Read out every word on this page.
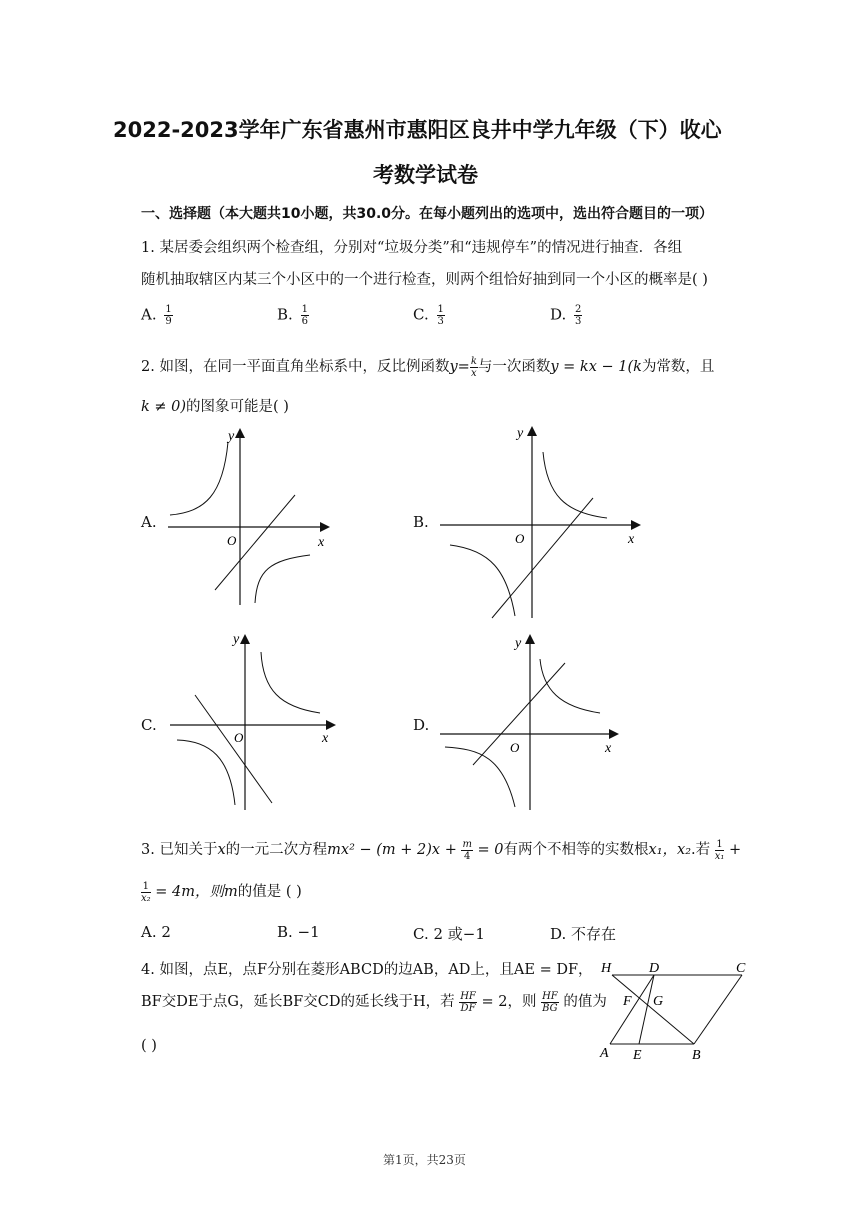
2022-2023学年广东省惠州市惠阳区良井中学九年级（下）收心
考数学试卷
一、选择题（本大题共10小题，共30.0分。在每小题列出的选项中，选出符合题目的一项）
1. 某居委会组织两个检查组，分别对“垃圾分类”和“违规停车”的情况进行抽查．各组
随机抽取辖区内某三个小区中的一个进行检查，则两个组恰好抽到同一个小区的概率是( )
A. $\frac{1}{9}$	B. $\frac{1}{6}$	C. $\frac{1}{3}$	D. $\frac{2}{3}$
2. 如图，在同一平面直角坐标系中，反比例函数$y= \frac{k}{x}$ 与一次函数y = kx − 1(k为常数，且
k ≠ 0)的图象可能是( )
A.	B.
C.	D.
y
x
O
y
x
O
y
x
O
y
x
O
3. 已知关于x的一元二次方程$mx^2 - (m + 2)x + \frac{m}{4} = 0$有两个不相等的实数根x₁，x₂.若 $\frac{1}{\text{x₁}}$ +
$\frac{1}{\text{x₂}} = 4m$，则m的值是 ( )
A. 2	B. −1	C. 2 或−1	D. 不存在
4. 如图，点E，点F分别在菱形ABCD的边AB，AD上，且AE = DF，
BF交DE于点G，延长BF交CD的延长线于H，若 $\frac{HF}{DF} = 2$，则 $\frac{HF}{BG}$ 的值为
( )
H	D	C
F G
A E	B
第1页，共23页
